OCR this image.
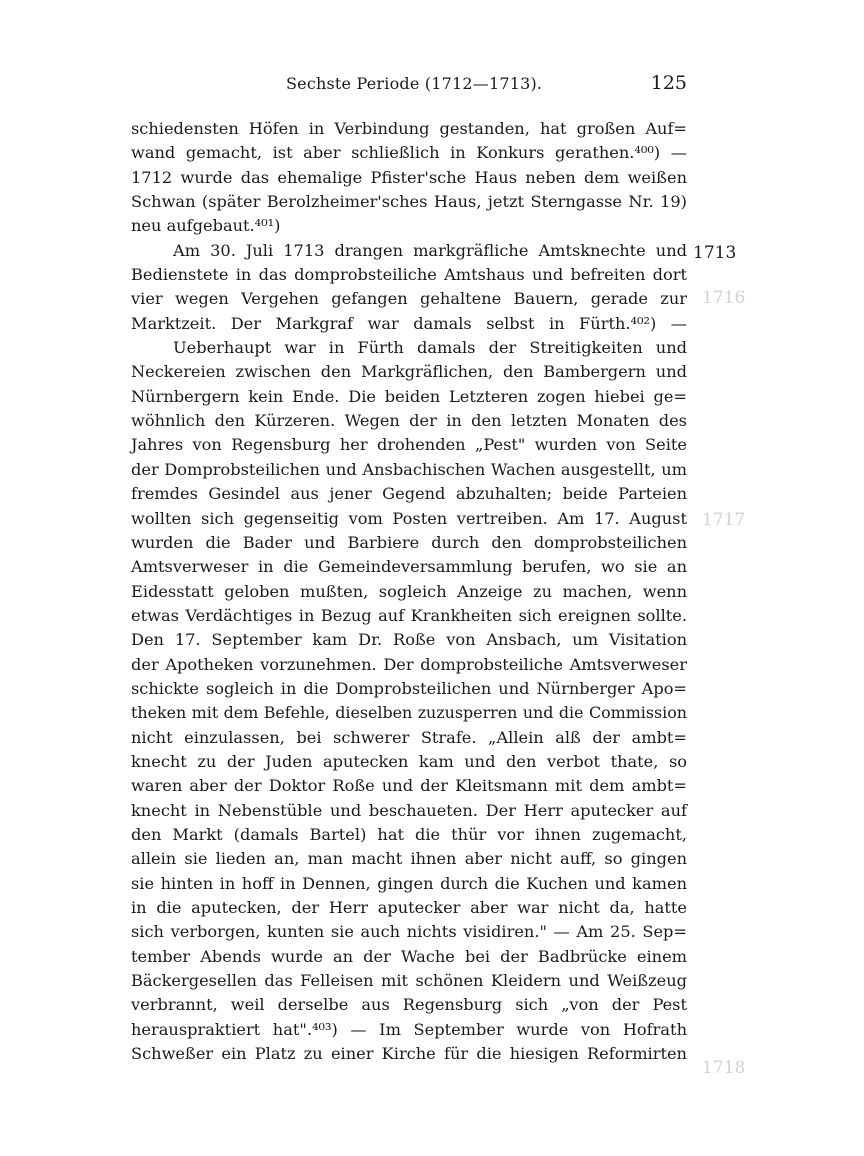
1716
1717
1718
Sechste Periode (1712—1713).	125
1713
schiedensten Höfen in Verbindung gestanden, hat großen Auf=
wand gemacht, ist aber schließlich in Konkurs gerathen.⁴⁰⁰) —
1712 wurde das ehemalige Pfister'sche Haus neben dem weißen
Schwan (später Berolzheimer'sches Haus, jetzt Sterngasse Nr. 19)
neu aufgebaut.⁴⁰¹)
Am 30. Juli 1713 drangen markgräfliche Amtsknechte und
Bedienstete in das domprobsteiliche Amtshaus und befreiten dort
vier wegen Vergehen gefangen gehaltene Bauern, gerade zur
Marktzeit. Der Markgraf war damals selbst in Fürth.⁴⁰²) —
Ueberhaupt war in Fürth damals der Streitigkeiten und
Neckereien zwischen den Markgräflichen, den Bambergern und
Nürnbergern kein Ende. Die beiden Letzteren zogen hiebei ge=
wöhnlich den Kürzeren. Wegen der in den letzten Monaten des
Jahres von Regensburg her drohenden „Pest" wurden von Seite
der Domprobsteilichen und Ansbachischen Wachen ausgestellt, um
fremdes Gesindel aus jener Gegend abzuhalten; beide Parteien
wollten sich gegenseitig vom Posten vertreiben. Am 17. August
wurden die Bader und Barbiere durch den domprobsteilichen
Amtsverweser in die Gemeindeversammlung berufen, wo sie an
Eidesstatt geloben mußten, sogleich Anzeige zu machen, wenn
etwas Verdächtiges in Bezug auf Krankheiten sich ereignen sollte.
Den 17. September kam Dr. Roße von Ansbach, um Visitation
der Apotheken vorzunehmen. Der domprobsteiliche Amtsverweser
schickte sogleich in die Domprobsteilichen und Nürnberger Apo=
theken mit dem Befehle, dieselben zuzusperren und die Commission
nicht einzulassen, bei schwerer Strafe. „Allein alß der ambt=
knecht zu der Juden aputecken kam und den verbot thate, so
waren aber der Doktor Roße und der Kleitsmann mit dem ambt=
knecht in Nebenstüble und beschaueten. Der Herr aputecker auf
den Markt (damals Bartel) hat die thür vor ihnen zugemacht,
allein sie lieden an, man macht ihnen aber nicht auff, so gingen
sie hinten in hoff in Dennen, gingen durch die Kuchen und kamen
in die aputecken, der Herr aputecker aber war nicht da, hatte
sich verborgen, kunten sie auch nichts visidiren." — Am 25. Sep=
tember Abends wurde an der Wache bei der Badbrücke einem
Bäckergesellen das Felleisen mit schönen Kleidern und Weißzeug
verbrannt, weil derselbe aus Regensburg sich „von der Pest
herauspraktiert hat".⁴⁰³) — Im September wurde von Hofrath
Schweßer ein Platz zu einer Kirche für die hiesigen Reformirten
